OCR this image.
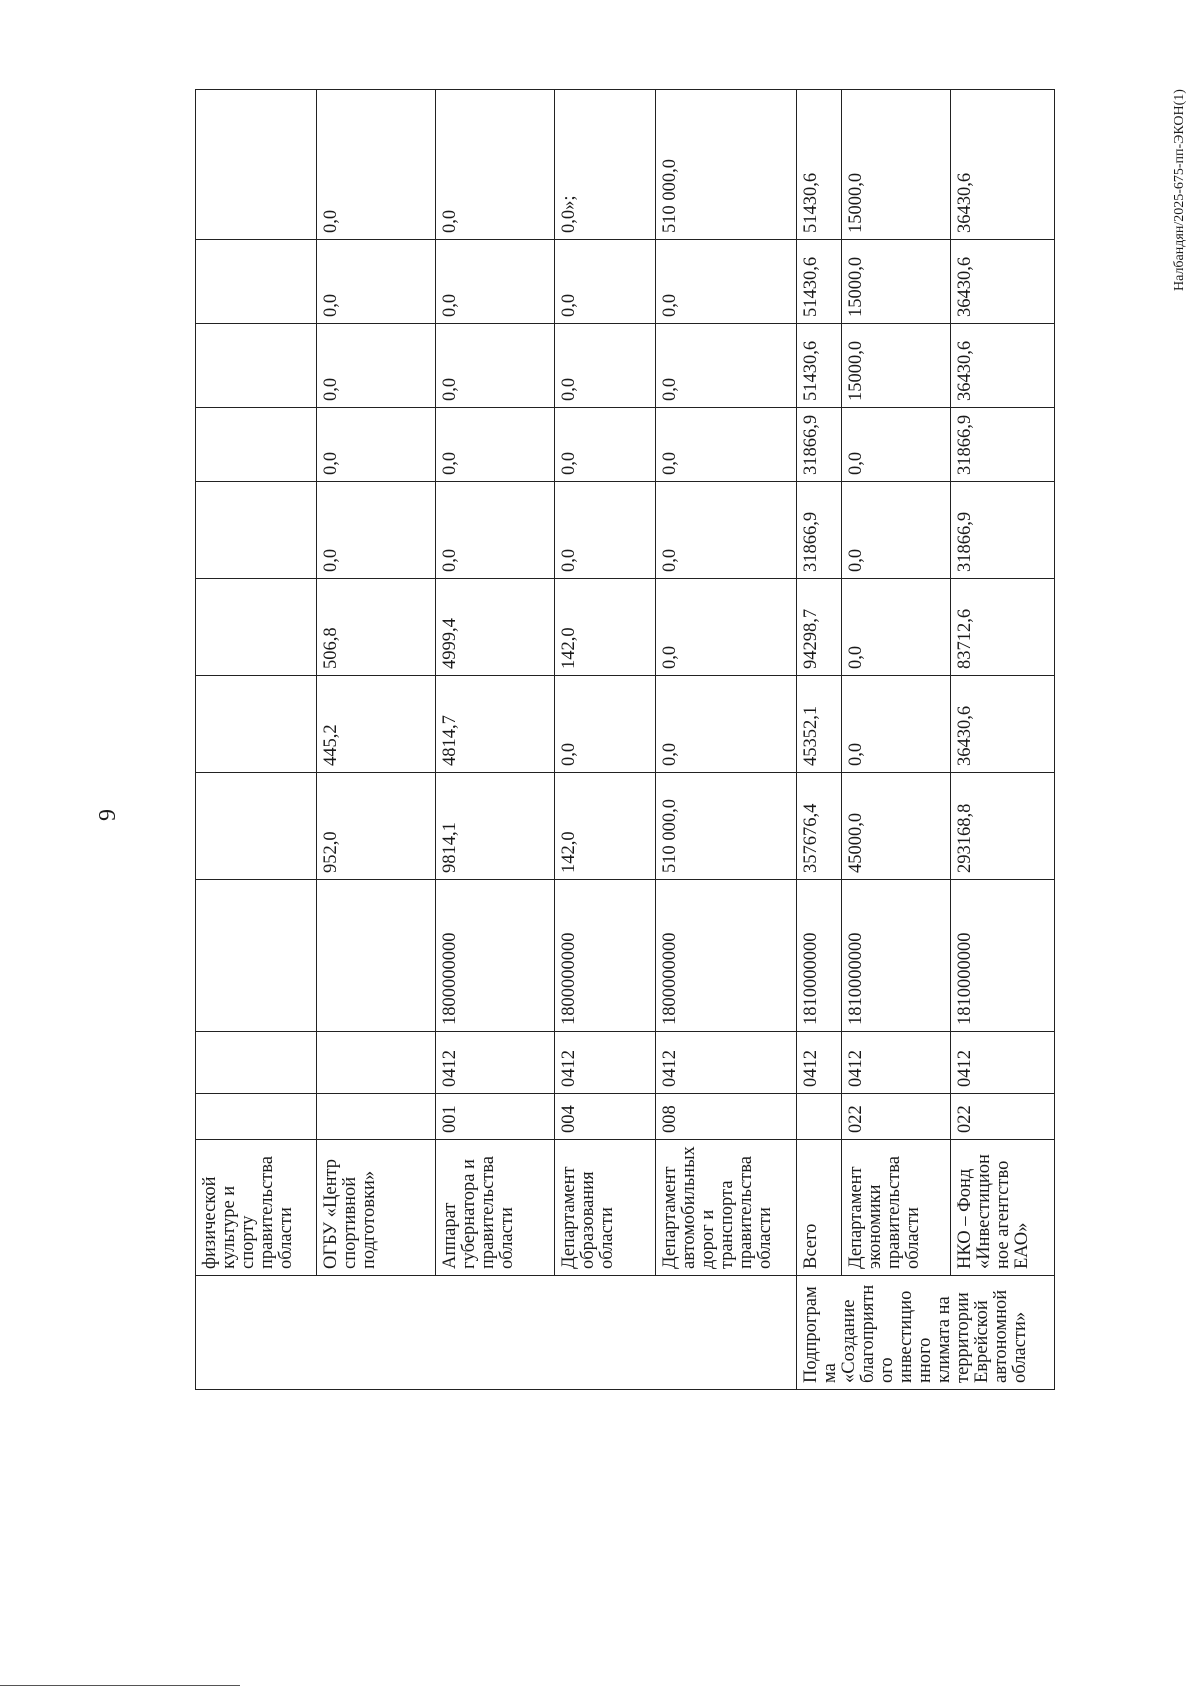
9
	физической культуре и спорту правительства области											
	ОГБУ «Центр спортивной подготовки»				952,0	445,2	506,8	0,0	0,0	0,0	0,0	0,0
	Аппарат губернатора и правительства области	001	0412	1800000000	9814,1	4814,7	4999,4	0,0	0,0	0,0	0,0	0,0
	Департамент образования области	004	0412	1800000000	142,0	0,0	142,0	0,0	0,0	0,0	0,0	0,0»;
	Департамент автомобильных дорог и транспорта правительства области	008	0412	1800000000	510 000,0	0,0	0,0	0,0	0,0	0,0	0,0	510 000,0
Подпрограмма «Создание благоприятного инвестиционного климата на территории Еврейской автономной области»	Всего		0412	1810000000	357676,4	45352,1	94298,7	31866,9	31866,9	51430,6	51430,6	51430,6
	Департамент экономики правительства области	022	0412	1810000000	45000,0	0,0	0,0	0,0	0,0	15000,0	15000,0	15000,0
	НКО – Фонд «Инвестиционное агентство ЕАО»	022	0412	1810000000	293168,8	36430,6	83712,6	31866,9	31866,9	36430,6	36430,6	36430,6	Налбандян/2025-675-пп-ЭКОН(1)
